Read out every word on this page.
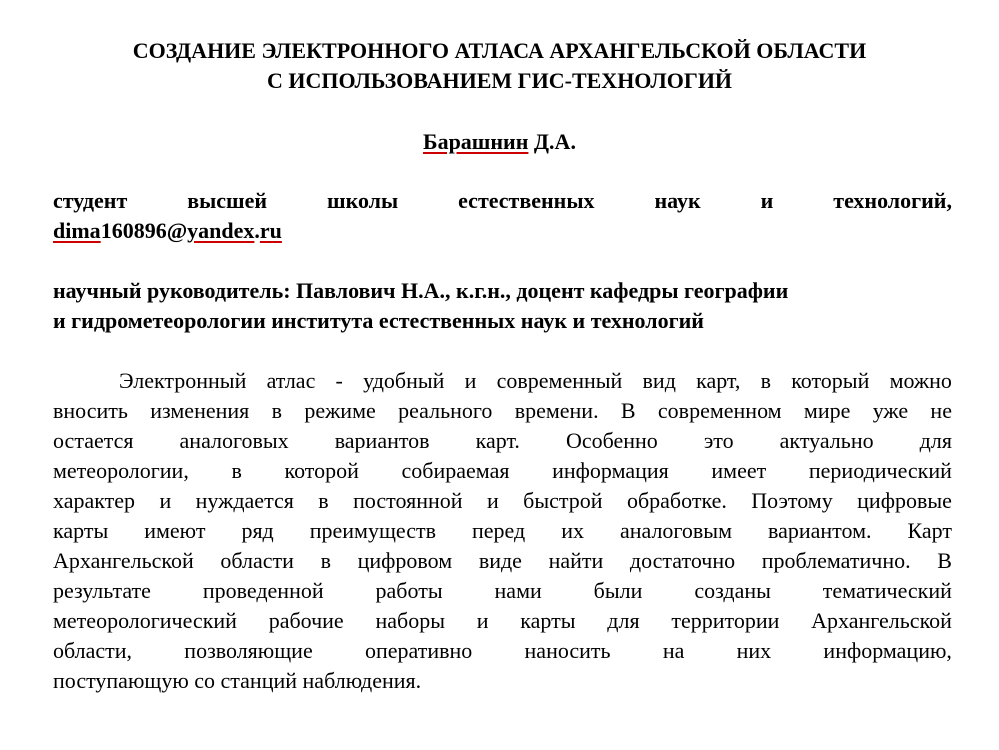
СОЗДАНИЕ ЭЛЕКТРОННОГО АТЛАСА АРХАНГЕЛЬСКОЙ ОБЛАСТИ
С ИСПОЛЬЗОВАНИЕМ ГИС-ТЕХНОЛОГИЙ
Барашнин Д.А.
студент	высшей	школы	естественных	наук	и	технологий,
dima160896@yandex.ru
научный руководитель: Павлович Н.А., к.г.н., доцент кафедры географии
и гидрометеорологии института естественных наук и технологий
Электронный атлас - удобный и современный вид карт, в который можно
вносить изменения в режиме реального времени. В современном мире уже не
остается аналоговых вариантов карт. Особенно это актуально для
метеорологии, в которой собираемая информация имеет периодический
характер и нуждается в постоянной и быстрой обработке. Поэтому цифровые
карты имеют ряд преимуществ перед их аналоговым вариантом. Карт
Архангельской области в цифровом виде найти достаточно проблематично. В
результате проведенной работы нами были созданы тематический
метеорологический рабочие наборы и карты для территории Архангельской
области, позволяющие оперативно наносить на них информацию,
поступающую со станций наблюдения.
